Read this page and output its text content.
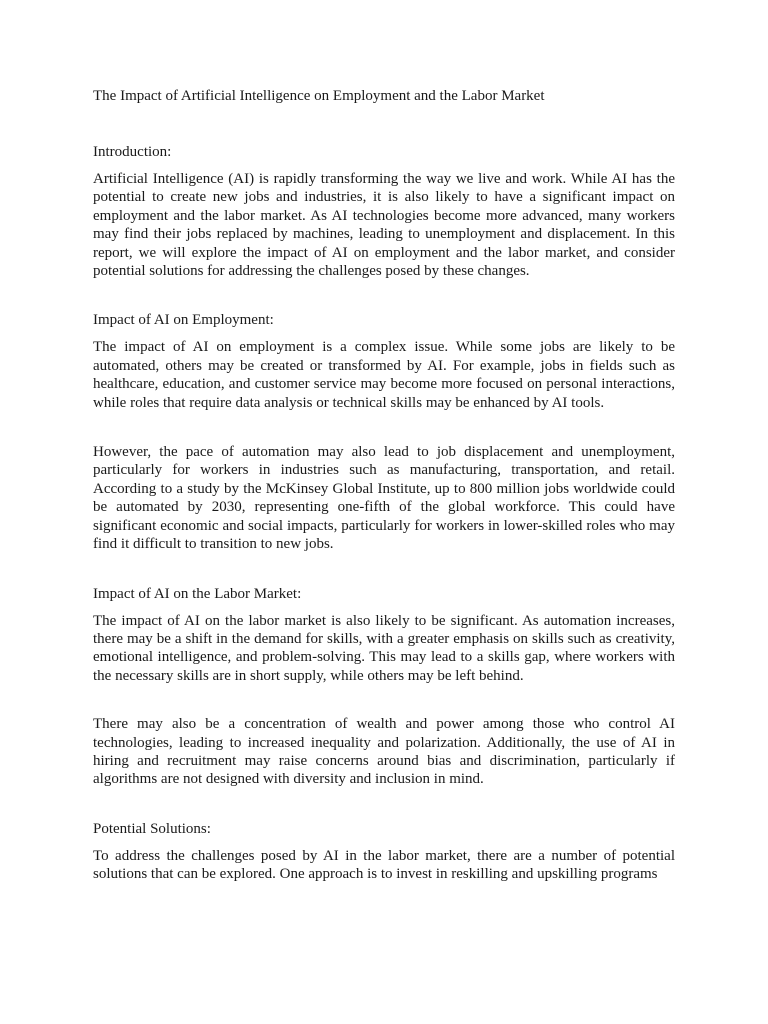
The Impact of Artificial Intelligence on Employment and the Labor Market

Introduction:

Artificial Intelligence (AI) is rapidly transforming the way we live and work. While AI has the potential to create new jobs and industries, it is also likely to have a significant impact on employment and the labor market. As AI technologies become more advanced, many workers may find their jobs replaced by machines, leading to unemployment and displacement. In this report, we will explore the impact of AI on employment and the labor market, and consider potential solutions for addressing the challenges posed by these changes.

Impact of AI on Employment:

The impact of AI on employment is a complex issue. While some jobs are likely to be automated, others may be created or transformed by AI. For example, jobs in fields such as healthcare, education, and customer service may become more focused on personal interactions, while roles that require data analysis or technical skills may be enhanced by AI tools.

However, the pace of automation may also lead to job displacement and unemployment, particularly for workers in industries such as manufacturing, transportation, and retail. According to a study by the McKinsey Global Institute, up to 800 million jobs worldwide could be automated by 2030, representing one-fifth of the global workforce. This could have significant economic and social impacts, particularly for workers in lower-skilled roles who may find it difficult to transition to new jobs.

Impact of AI on the Labor Market:

The impact of AI on the labor market is also likely to be significant. As automation increases, there may be a shift in the demand for skills, with a greater emphasis on skills such as creativity, emotional intelligence, and problem-solving. This may lead to a skills gap, where workers with the necessary skills are in short supply, while others may be left behind.

There may also be a concentration of wealth and power among those who control AI technologies, leading to increased inequality and polarization. Additionally, the use of AI in hiring and recruitment may raise concerns around bias and discrimination, particularly if algorithms are not designed with diversity and inclusion in mind.

Potential Solutions:

To address the challenges posed by AI in the labor market, there are a number of potential solutions that can be explored. One approach is to invest in reskilling and upskilling programs
